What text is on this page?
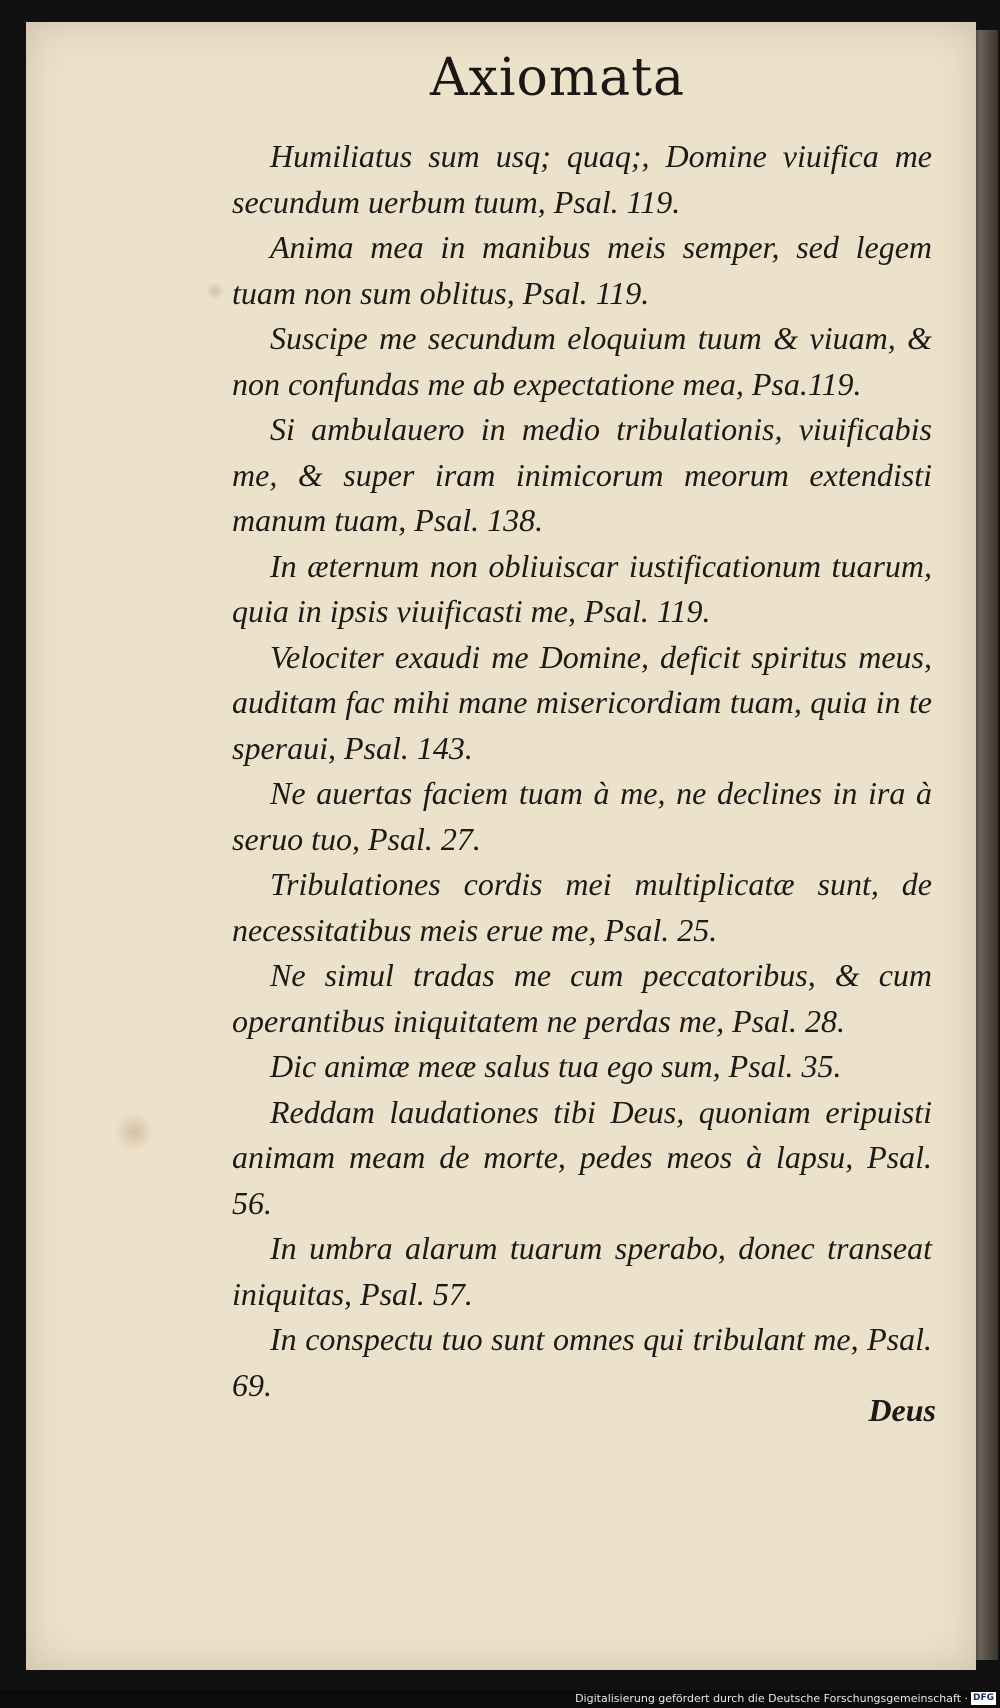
Axiomata

Humiliatus sum usq; quaq;, Domine viuifica me secundum uerbum tuum, Psal. 119.

Anima mea in manibus meis semper, sed legem tuam non sum oblitus, Psal. 119.

Suscipe me secundum eloquium tuum & viuam, & non confundas me ab expectatione mea, Psa.119.

Si ambulauero in medio tribulationis, viuificabis me, & super iram inimicorum meorum extendisti manum tuam, Psal. 138.

In æternum non obliuiscar iustificationum tuarum, quia in ipsis viuificasti me, Psal. 119.

Velociter exaudi me Domine, deficit spiritus meus, auditam fac mihi mane misericordiam tuam, quia in te speraui, Psal. 143.

Ne auertas faciem tuam à me, ne declines in ira à seruo tuo, Psal. 27.

Tribulationes cordis mei multiplicatæ sunt, de necessitatibus meis erue me, Psal. 25.

Ne simul tradas me cum peccatoribus, & cum operantibus iniquitatem ne perdas me, Psal. 28.

Dic animæ meæ salus tua ego sum, Psal. 35.

Reddam laudationes tibi Deus, quoniam eripuisti animam meam de morte, pedes meos à lapsu, Psal. 56.

In umbra alarum tuarum sperabo, donec transeat iniquitas, Psal. 57.

In conspectu tuo sunt omnes qui tribulant me, Psal. 69.

Deus
Digitalisierung gefördert durch die Deutsche Forschungsgemeinschaft · DFG
